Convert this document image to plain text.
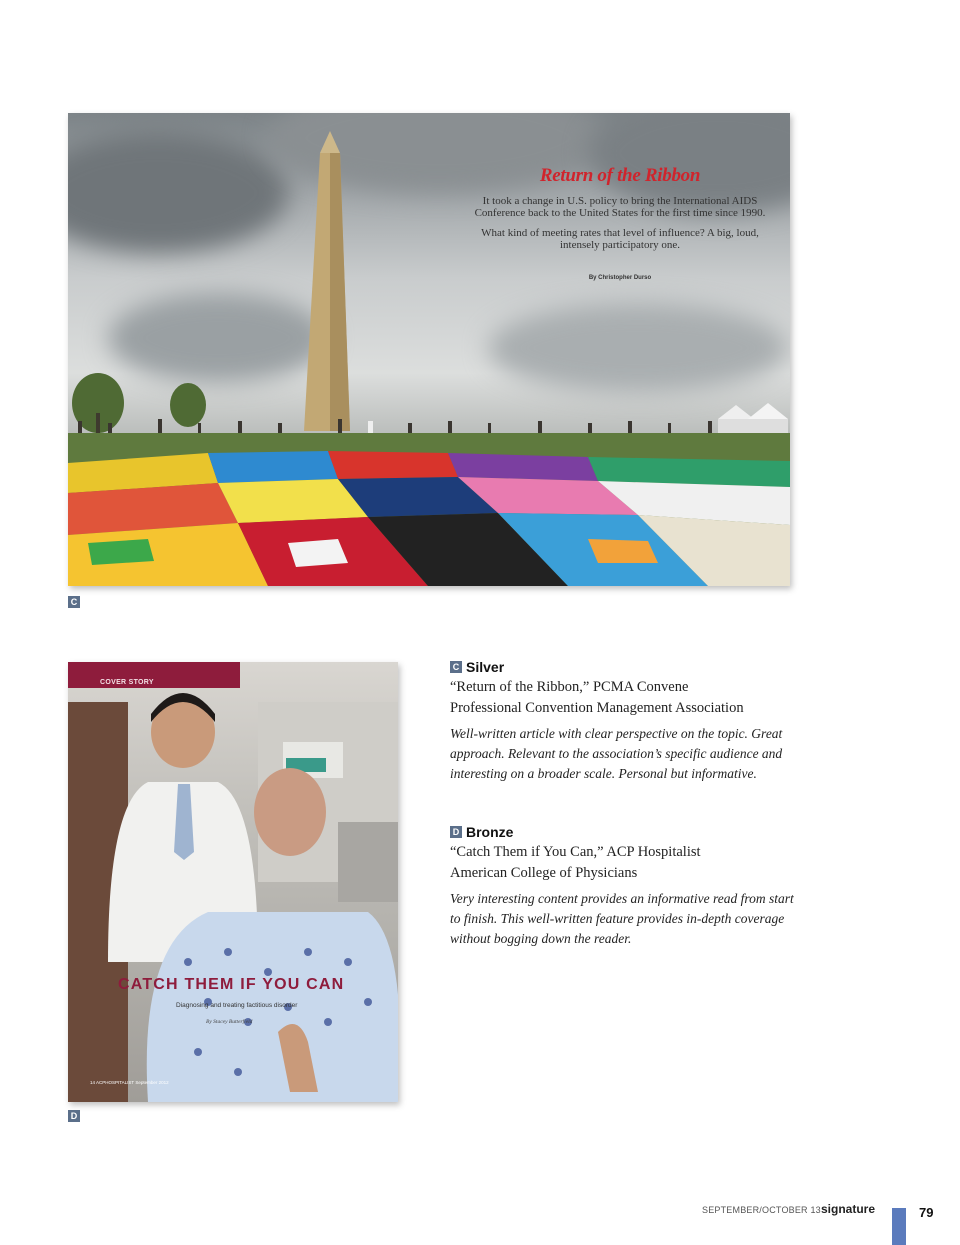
Return of the Ribbon

It took a change in U.S. policy to bring the International AIDS Conference back to the United States for the first time since 1990.

What kind of meeting rates that level of influence? A big, loud, intensely participatory one.

By Christopher Durso
C
COVER STORY
CATCH THEM IF YOU CAN
Diagnosing and treating factitious disorder
By Stacey Butterfield
14 ACPHOSPITALIST September 2012
D
C Silver
“Return of the Ribbon,” PCMA Convene
Professional Convention Management Association
Well-written article with clear perspective on the topic. Great approach. Relevant to the association’s specific audience and interesting on a broader scale. Personal but informative.
D Bronze
“Catch Them if You Can,” ACP Hospitalist
American College of Physicians
Very interesting content provides an informative read from start to finish. This well-written feature provides in-depth coverage without bogging down the reader.
SEPTEMBER/OCTOBER 13 signature	79
